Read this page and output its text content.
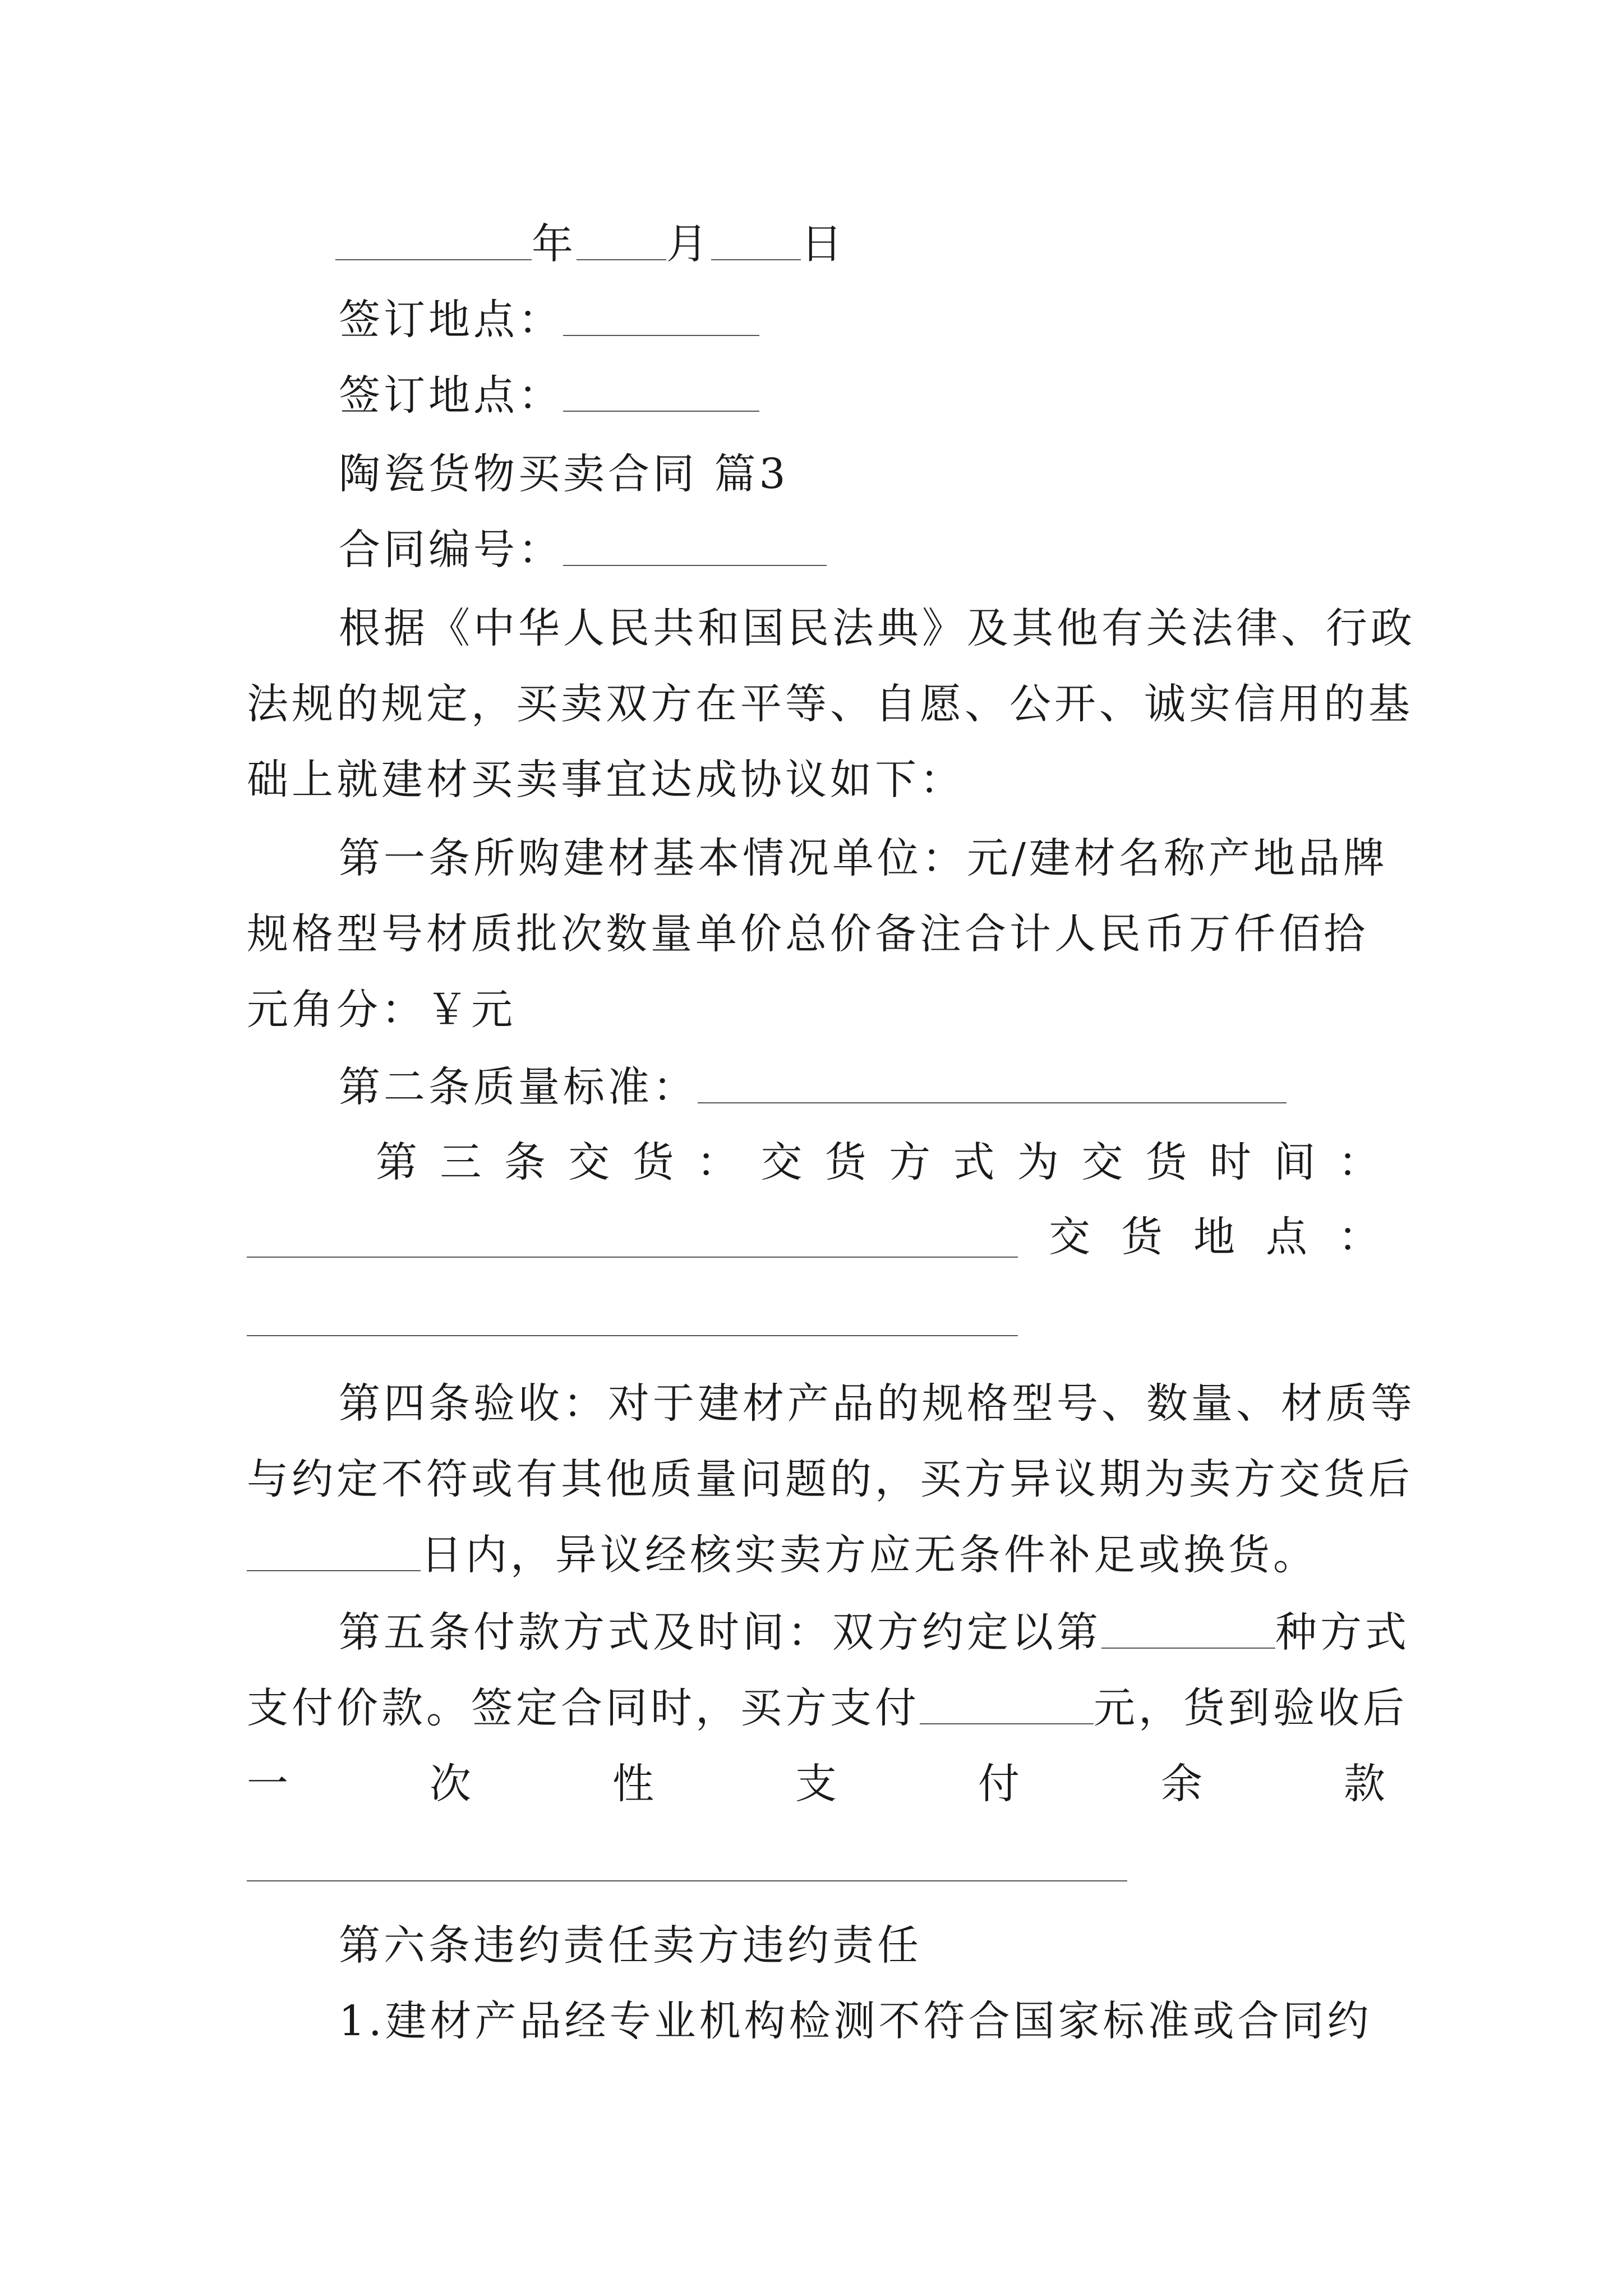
年 月 日
签订地点：
签订地点：
陶瓷货物买卖合同 篇3
合同编号：
根据《中华人民共和国民法典》及其他有关法律、行政
法规的规定，买卖双方在平等、自愿、公开、诚实信用的基
础上就建材买卖事宜达成协议如下：
第一条所购建材基本情况单位：元/建材名称产地品牌
规格型号材质批次数量单价总价备注合计人民币万仟佰拾
元角分：￥元
第二条质量标准：
第 三 条 交 货 ： 交 货 方 式 为 交 货 时 间 ：
交 货 地 点 ：
第四条验收：对于建材产品的规格型号、数量、材质等
与约定不符或有其他质量问题的，买方异议期为卖方交货后
日内，异议经核实卖方应无条件补足或换货。
第五条付款方式及时间：双方约定以第	种方式
支付价款。签定合同时，买方支付	元，货到验收后
一	次	性	支	付	余	款
第六条违约责任卖方违约责任
1.建材产品经专业机构检测不符合国家标准或合同约
